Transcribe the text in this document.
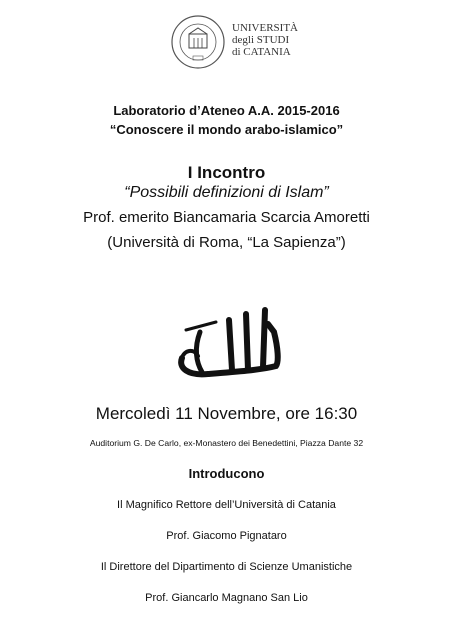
UNIVERSITÀ
degli STUDI
di CATANIA
Laboratorio d’Ateneo A.A. 2015-2016
“Conoscere il mondo arabo-islamico”
I Incontro
“Possibili definizioni di Islam”
Prof. emerito Biancamaria Scarcia Amoretti
(Università di Roma, “La Sapienza”)
Mercoledì 11 Novembre, ore 16:30
Auditorium G. De Carlo, ex-Monastero dei Benedettini, Piazza Dante 32
Introducono
Il Magnifico Rettore dell’Università di Catania
Prof. Giacomo Pignataro
Il Direttore del Dipartimento di Scienze Umanistiche
Prof. Giancarlo Magnano San Lio
